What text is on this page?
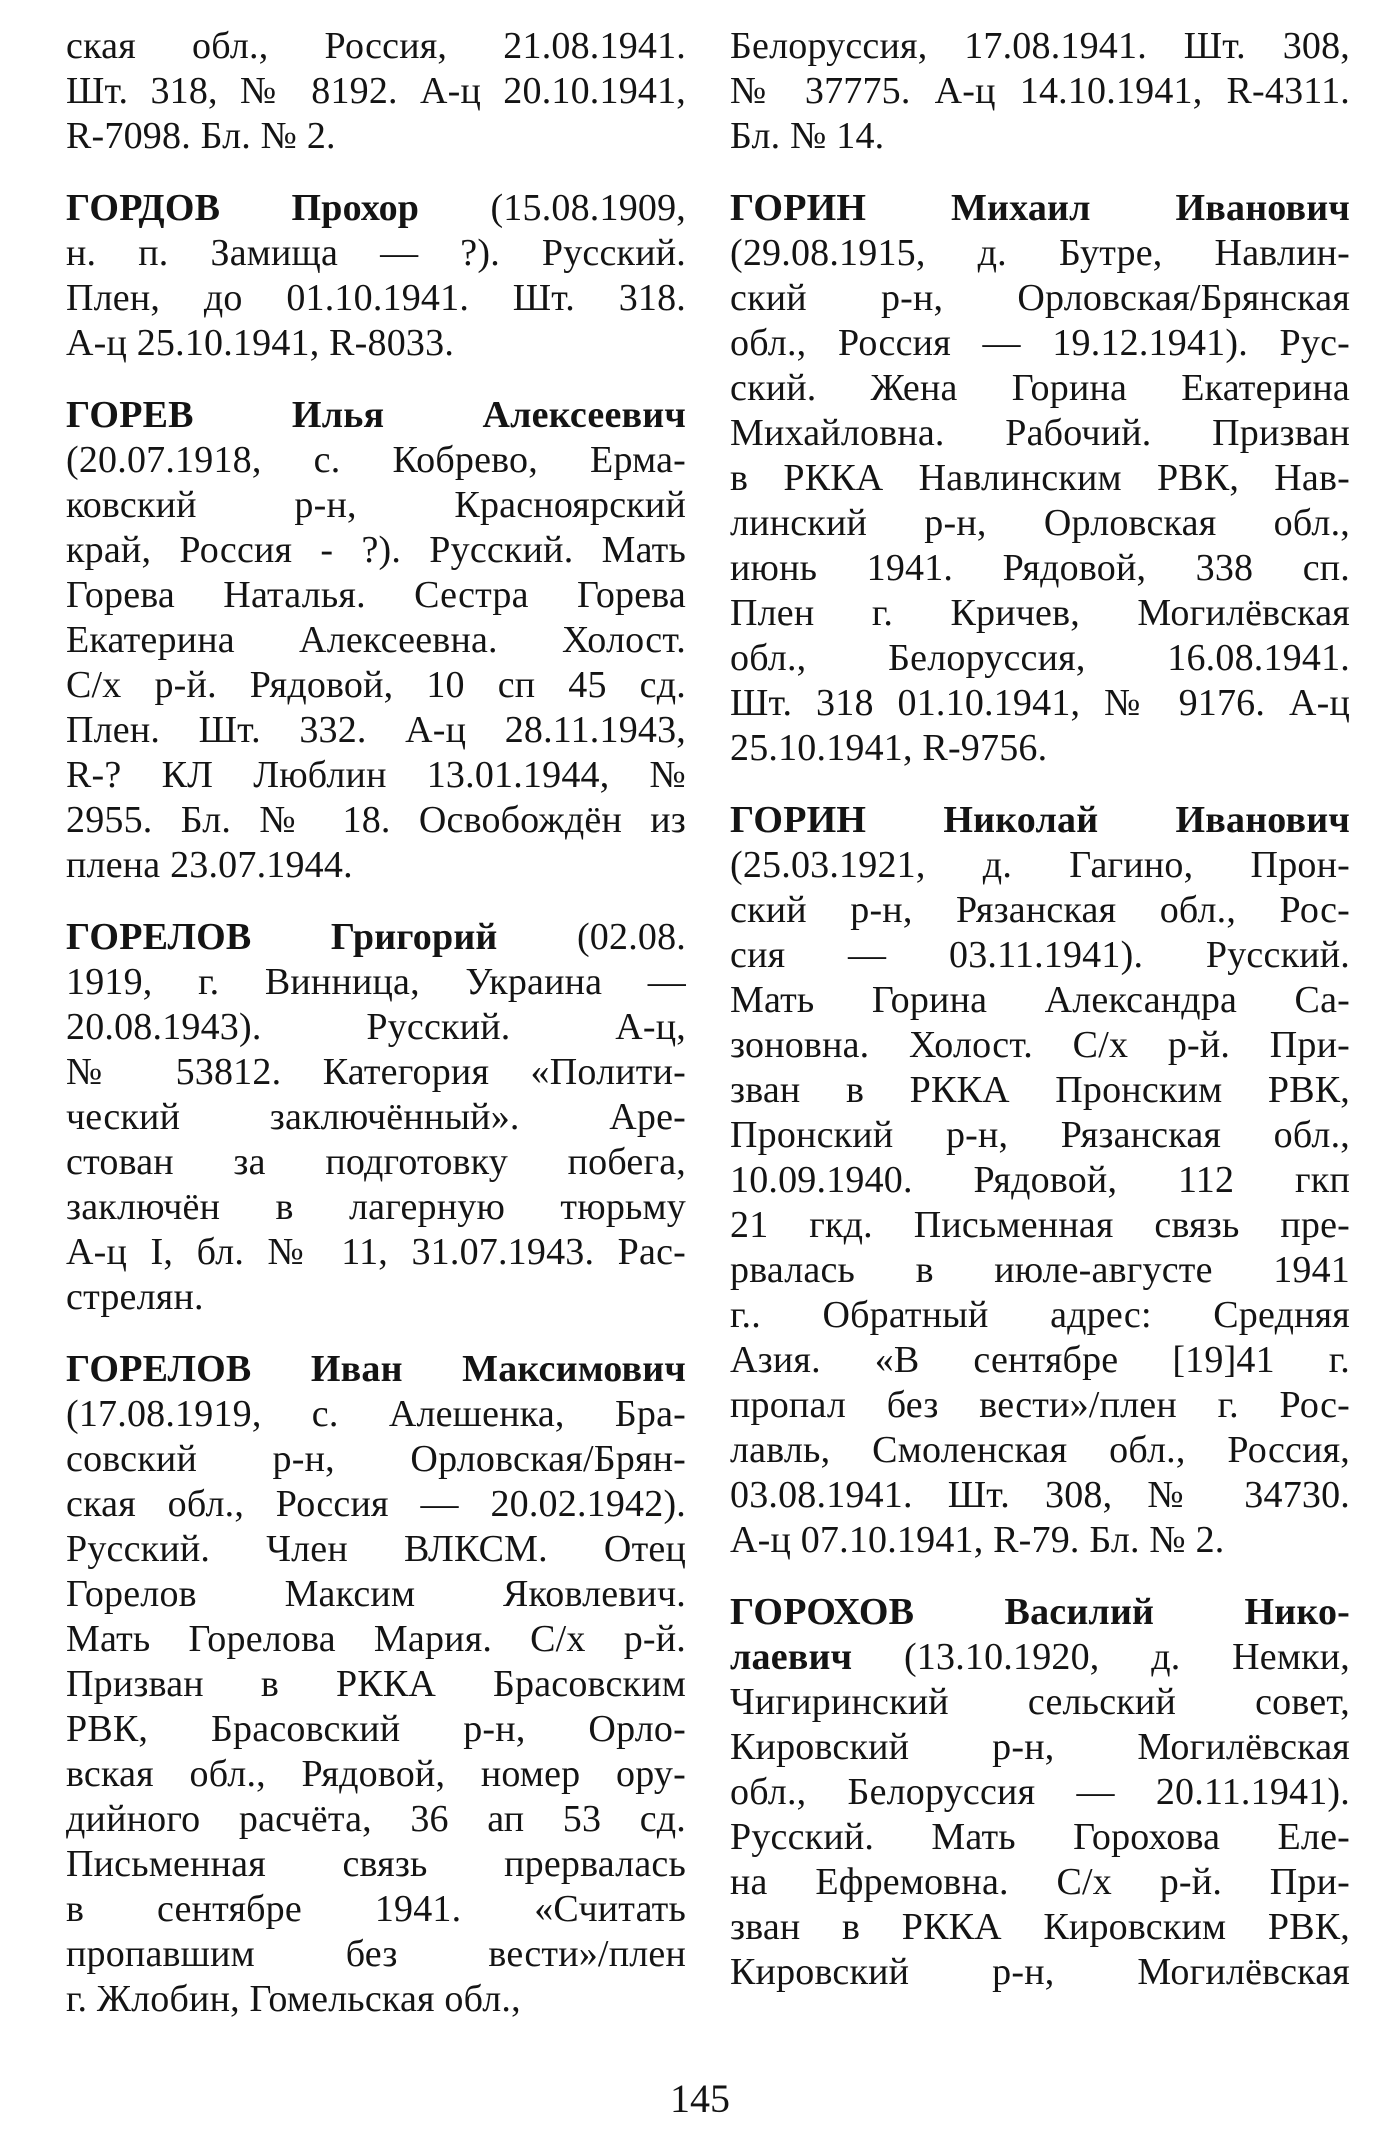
ская обл., Россия, 21.08.1941.
Шт. 318, № 8192. А-ц 20.10.1941,
R-7098. Бл. № 2.
ГОРДОВ Прохор (15.08.1909,
н. п. Замища — ?). Русский.
Плен, до 01.10.1941. Шт. 318.
А-ц 25.10.1941, R-8033.
ГОРЕВ Илья Алексеевич
(20.07.1918, с. Кобрево, Ерма-
ковский р-н, Красноярский
край, Россия - ?). Русский. Мать
Горева Наталья. Сестра Горева
Екатерина Алексеевна. Холост.
С/х р-й. Рядовой, 10 сп 45 сд.
Плен. Шт. 332. А-ц 28.11.1943,
R-? КЛ Люблин 13.01.1944, №
2955. Бл. № 18. Освобождён из
плена 23.07.1944.
ГОРЕЛОВ Григорий (02.08.
1919, г. Винница, Украина —
20.08.1943). Русский. А-ц,
№ 53812. Категория «Полити-
ческий заключённый». Аре-
стован за подготовку побега,
заключён в лагерную тюрьму
А-ц I, бл. № 11, 31.07.1943. Рас-
стрелян.
ГОРЕЛОВ Иван Максимович
(17.08.1919, с. Алешенка, Бра-
совский р-н, Орловская/Брян-
ская обл., Россия — 20.02.1942).
Русский. Член ВЛКСМ. Отец
Горелов Максим Яковлевич.
Мать Горелова Мария. С/х р-й.
Призван в РККА Брасовским
РВК, Брасовский р-н, Орло-
вская обл., Рядовой, номер ору-
дийного расчёта, 36 ап 53 сд.
Письменная связь прервалась
в сентябре 1941. «Считать
пропавшим без вести»/плен
г. Жлобин, Гомельская обл.,
Белоруссия, 17.08.1941. Шт. 308,
№ 37775. А-ц 14.10.1941, R-4311.
Бл. № 14.
ГОРИН Михаил Иванович
(29.08.1915, д. Бутре, Навлин-
ский р-н, Орловская/Брянская
обл., Россия — 19.12.1941). Рус-
ский. Жена Горина Екатерина
Михайловна. Рабочий. Призван
в РККА Навлинским РВК, Нав-
линский р-н, Орловская обл.,
июнь 1941. Рядовой, 338 сп.
Плен г. Кричев, Могилёвская
обл., Белоруссия, 16.08.1941.
Шт. 318 01.10.1941, № 9176. А-ц
25.10.1941, R-9756.
ГОРИН Николай Иванович
(25.03.1921, д. Гагино, Прон-
ский р-н, Рязанская обл., Рос-
сия — 03.11.1941). Русский.
Мать Горина Александра Са-
зоновна. Холост. С/х р-й. При-
зван в РККА Пронским РВК,
Пронский р-н, Рязанская обл.,
10.09.1940. Рядовой, 112 гкп
21 гкд. Письменная связь пре-
рвалась в июле-августе 1941
г.. Обратный адрес: Средняя
Азия. «В сентябре [19]41 г.
пропал без вести»/плен г. Рос-
лавль, Смоленская обл., Россия,
03.08.1941. Шт. 308, № 34730.
А-ц 07.10.1941, R-79. Бл. № 2.
ГОРОХОВ Василий Нико-
лаевич (13.10.1920, д. Немки,
Чигиринский сельский совет,
Кировский р-н, Могилёвская
обл., Белоруссия — 20.11.1941).
Русский. Мать Горохова Еле-
на Ефремовна. С/х р-й. При-
зван в РККА Кировским РВК,
Кировский р-н, Могилёвская
145
